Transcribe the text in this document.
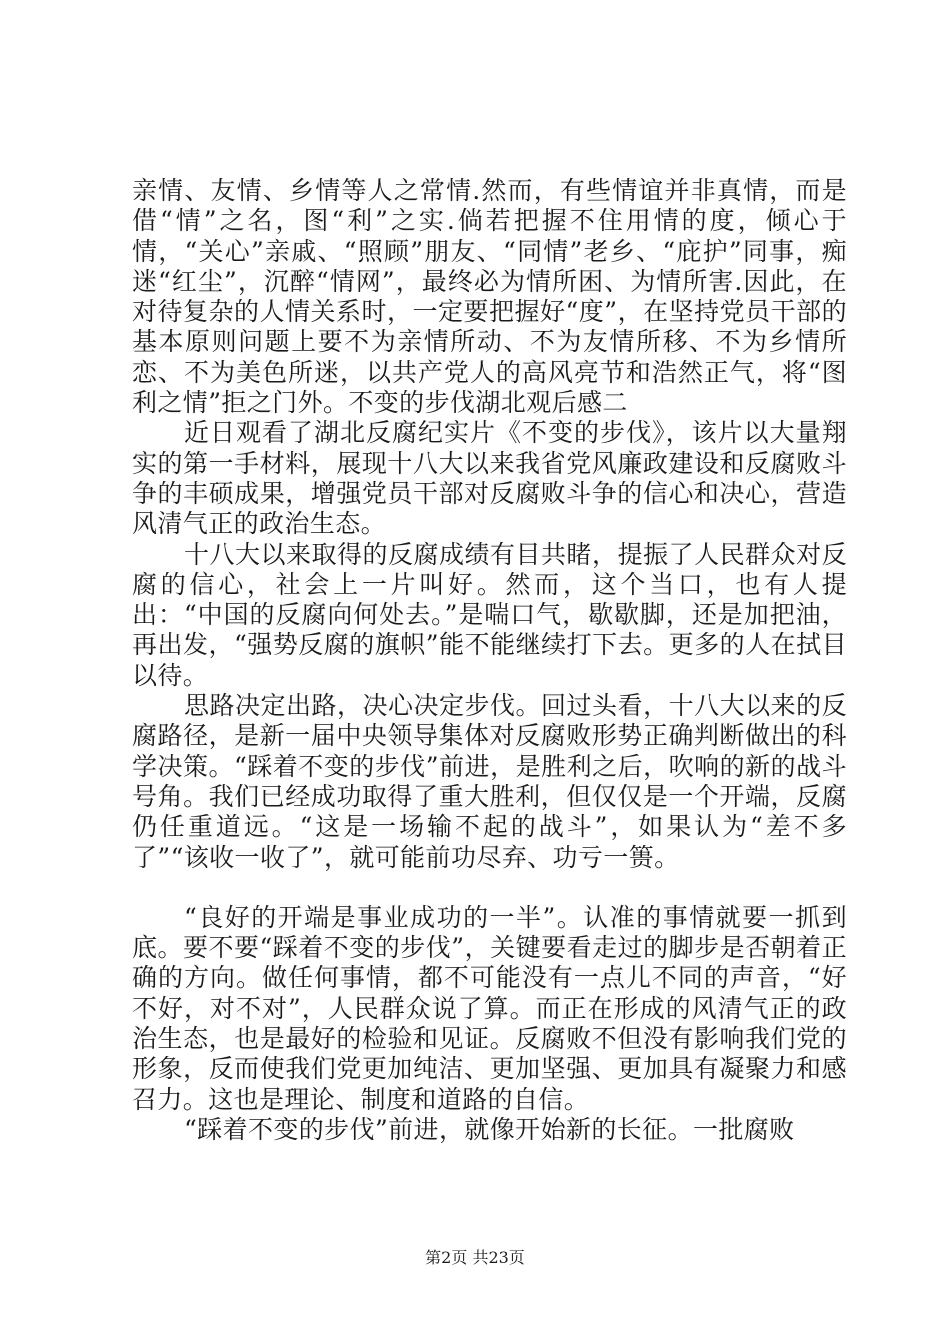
亲情、友情、乡情等人之常情.然而，有些情谊并非真情，而是借“情”之名，图“利”之实.倘若把握不住用情的度，倾心于情，“关心”亲戚、“照顾”朋友、“同情”老乡、“庇护”同事，痴迷“红尘”，沉醉“情网”，最终必为情所困、为情所害.因此，在对待复杂的人情关系时，一定要把握好“度”，在坚持党员干部的基本原则问题上要不为亲情所动、不为友情所移、不为乡情所恋、不为美色所迷，以共产党人的高风亮节和浩然正气，将“图利之情”拒之门外。不变的步伐湖北观后感二

近日观看了湖北反腐纪实片《不变的步伐》，该片以大量翔实的第一手材料，展现十八大以来我省党风廉政建设和反腐败斗争的丰硕成果，增强党员干部对反腐败斗争的信心和决心，营造风清气正的政治生态。

十八大以来取得的反腐成绩有目共睹，提振了人民群众对反腐的信心，社会上一片叫好。然而，这个当口，也有人提出：“中国的反腐向何处去。”是喘口气，歇歇脚，还是加把油，再出发，“强势反腐的旗帜”能不能继续打下去。更多的人在拭目以待。

思路决定出路，决心决定步伐。回过头看，十八大以来的反腐路径，是新一届中央领导集体对反腐败形势正确判断做出的科学决策。“踩着不变的步伐”前进，是胜利之后，吹响的新的战斗号角。我们已经成功取得了重大胜利，但仅仅是一个开端，反腐仍任重道远。“这是一场输不起的战斗”，如果认为“差不多了”“该收一收了”，就可能前功尽弃、功亏一篑。

“良好的开端是事业成功的一半”。认准的事情就要一抓到底。要不要“踩着不变的步伐”，关键要看走过的脚步是否朝着正确的方向。做任何事情，都不可能没有一点儿不同的声音，“好不好，对不对”，人民群众说了算。而正在形成的风清气正的政治生态，也是最好的检验和见证。反腐败不但没有影响我们党的形象，反而使我们党更加纯洁、更加坚强、更加具有凝聚力和感召力。这也是理论、制度和道路的自信。

“踩着不变的步伐”前进，就像开始新的长征。一批腐败

第2页 共23页
